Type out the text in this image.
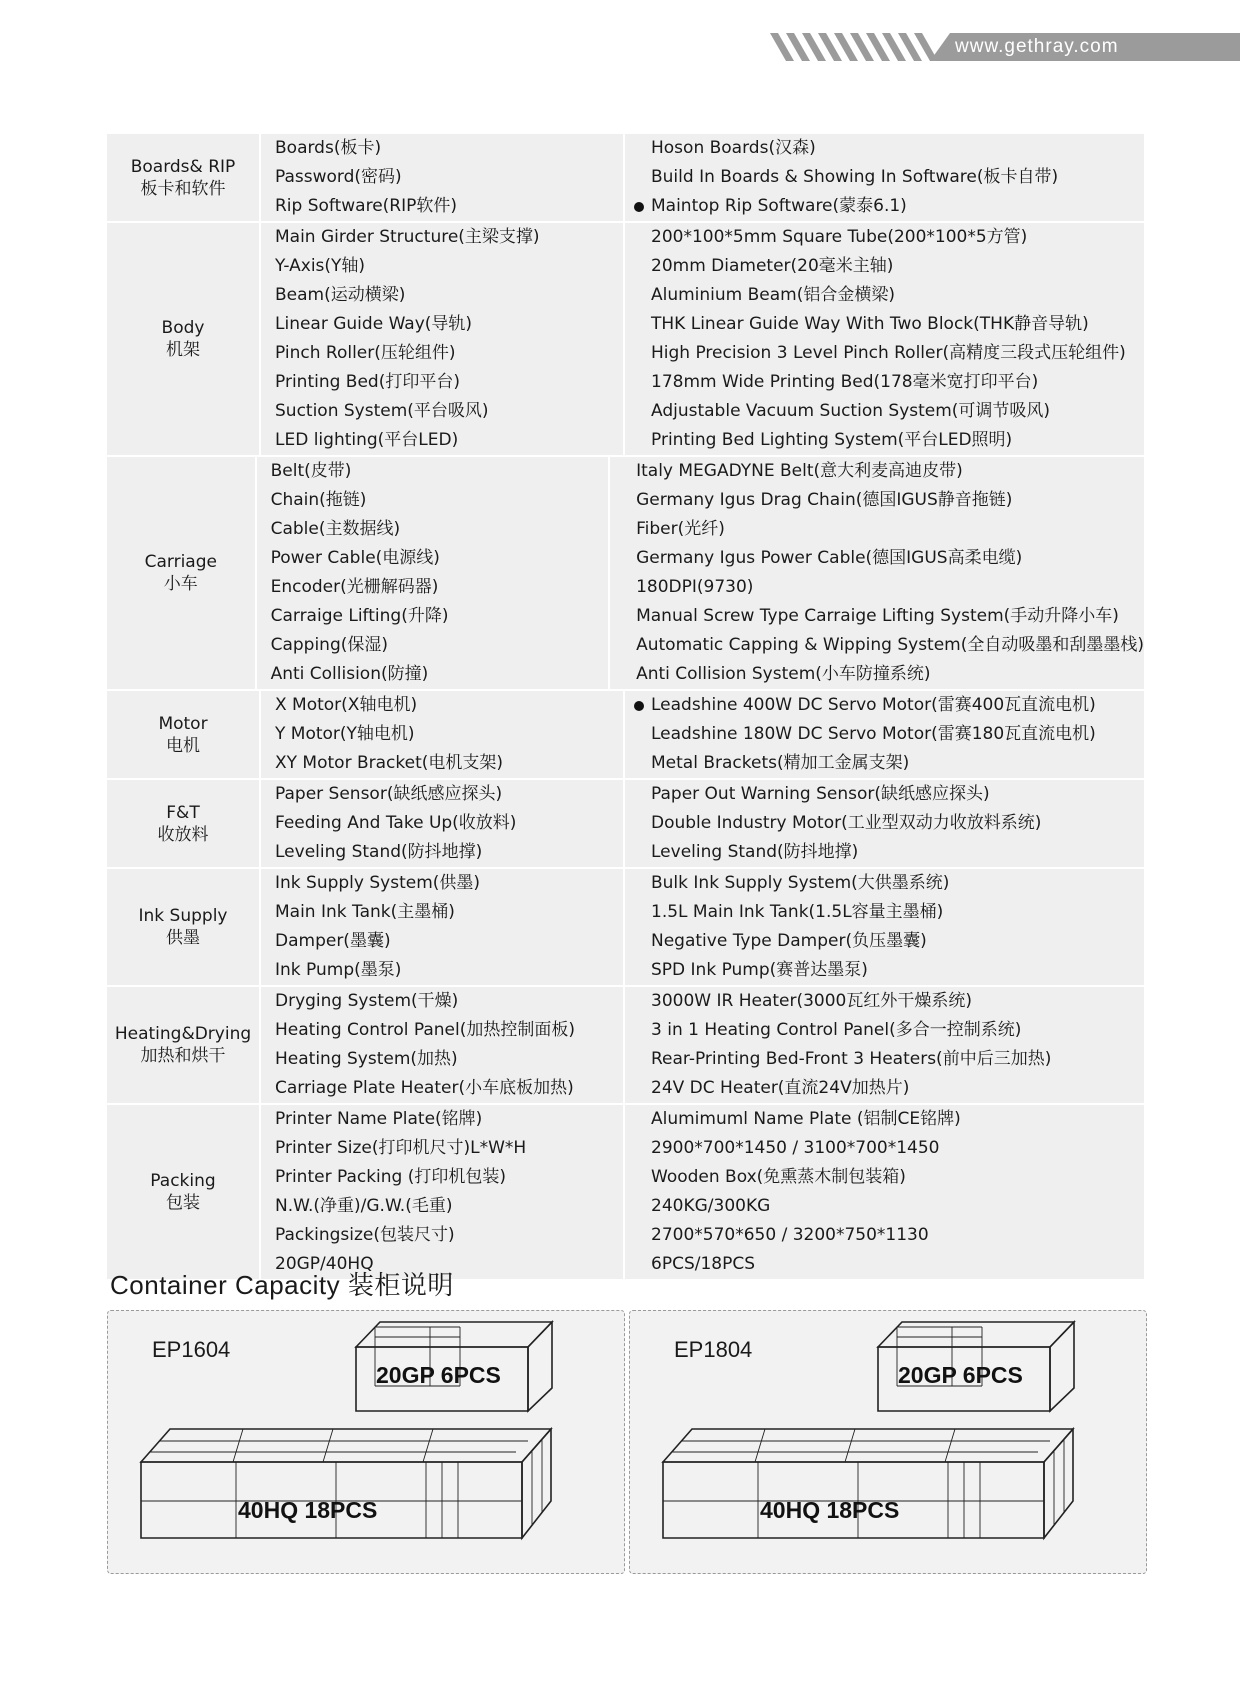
www.gethray.com
Boards& RIP
板卡和软件
Boards(板卡)
Password(密码)
Rip Software(RIP软件)
Hoson Boards(汉森)
Build In Boards & Showing In Software(板卡自带)
Maintop Rip Software(蒙泰6.1)
Body
机架
Main Girder Structure(主梁支撑)
Y-Axis(Y轴)
Beam(运动横梁)
Linear Guide Way(导轨)
Pinch Roller(压轮组件)
Printing Bed(打印平台)
Suction System(平台吸风)
LED lighting(平台LED)
200*100*5mm Square Tube(200*100*5方管)
20mm Diameter(20毫米主轴)
Aluminium Beam(铝合金横梁)
THK Linear Guide Way With Two Block(THK静音导轨)
High Precision 3 Level Pinch Roller(高精度三段式压轮组件)
178mm Wide Printing Bed(178毫米宽打印平台)
Adjustable Vacuum Suction System(可调节吸风)
Printing Bed Lighting System(平台LED照明)
Carriage
小车
Belt(皮带)
Chain(拖链)
Cable(主数据线)
Power Cable(电源线)
Encoder(光栅解码器)
Carraige Lifting(升降)
Capping(保湿)
Anti Collision(防撞)
Italy MEGADYNE Belt(意大利麦高迪皮带)
Germany Igus Drag Chain(德国IGUS静音拖链)
Fiber(光纤)
Germany Igus Power Cable(德国IGUS高柔电缆)
180DPI(9730)
Manual Screw Type Carraige Lifting System(手动升降小车)
Automatic Capping & Wipping System(全自动吸墨和刮墨墨栈)
Anti Collision System(小车防撞系统)
Motor
电机
X Motor(X轴电机)
Y Motor(Y轴电机)
XY Motor Bracket(电机支架)
Leadshine 400W DC Servo Motor(雷赛400瓦直流电机)
Leadshine 180W DC Servo Motor(雷赛180瓦直流电机)
Metal Brackets(精加工金属支架)
F&T
收放料
Paper Sensor(缺纸感应探头)
Feeding And Take Up(收放料)
Leveling Stand(防抖地撑)
Paper Out Warning Sensor(缺纸感应探头)
Double Industry Motor(工业型双动力收放料系统)
Leveling Stand(防抖地撑)
Ink Supply
供墨
Ink Supply System(供墨)
Main Ink Tank(主墨桶)
Damper(墨囊)
Ink Pump(墨泵)
Bulk Ink Supply System(大供墨系统)
1.5L Main Ink Tank(1.5L容量主墨桶)
Negative Type Damper(负压墨囊)
SPD Ink Pump(赛普达墨泵)
Heating&Drying
加热和烘干
Dryging System(干燥)
Heating Control Panel(加热控制面板)
Heating System(加热)
Carriage Plate Heater(小车底板加热)
3000W IR Heater(3000瓦红外干燥系统)
3 in 1 Heating Control Panel(多合一控制系统)
Rear-Printing Bed-Front 3 Heaters(前中后三加热)
24V DC Heater(直流24V加热片)
Packing
包装
Printer Name Plate(铭牌)
Printer Size(打印机尺寸)L*W*H
Printer Packing (打印机包装)
N.W.(净重)/G.W.(毛重)
Packingsize(包装尺寸)
20GP/40HQ
Alumimuml Name Plate (铝制CE铭牌)
2900*700*1450 / 3100*700*1450
Wooden Box(免熏蒸木制包装箱)
240KG/300KG
2700*570*650 / 3200*750*1130
6PCS/18PCS
Container Capacity 装柜说明
EP1604
20GP 6PCS
40HQ 18PCS
EP1804
20GP 6PCS
40HQ 18PCS
